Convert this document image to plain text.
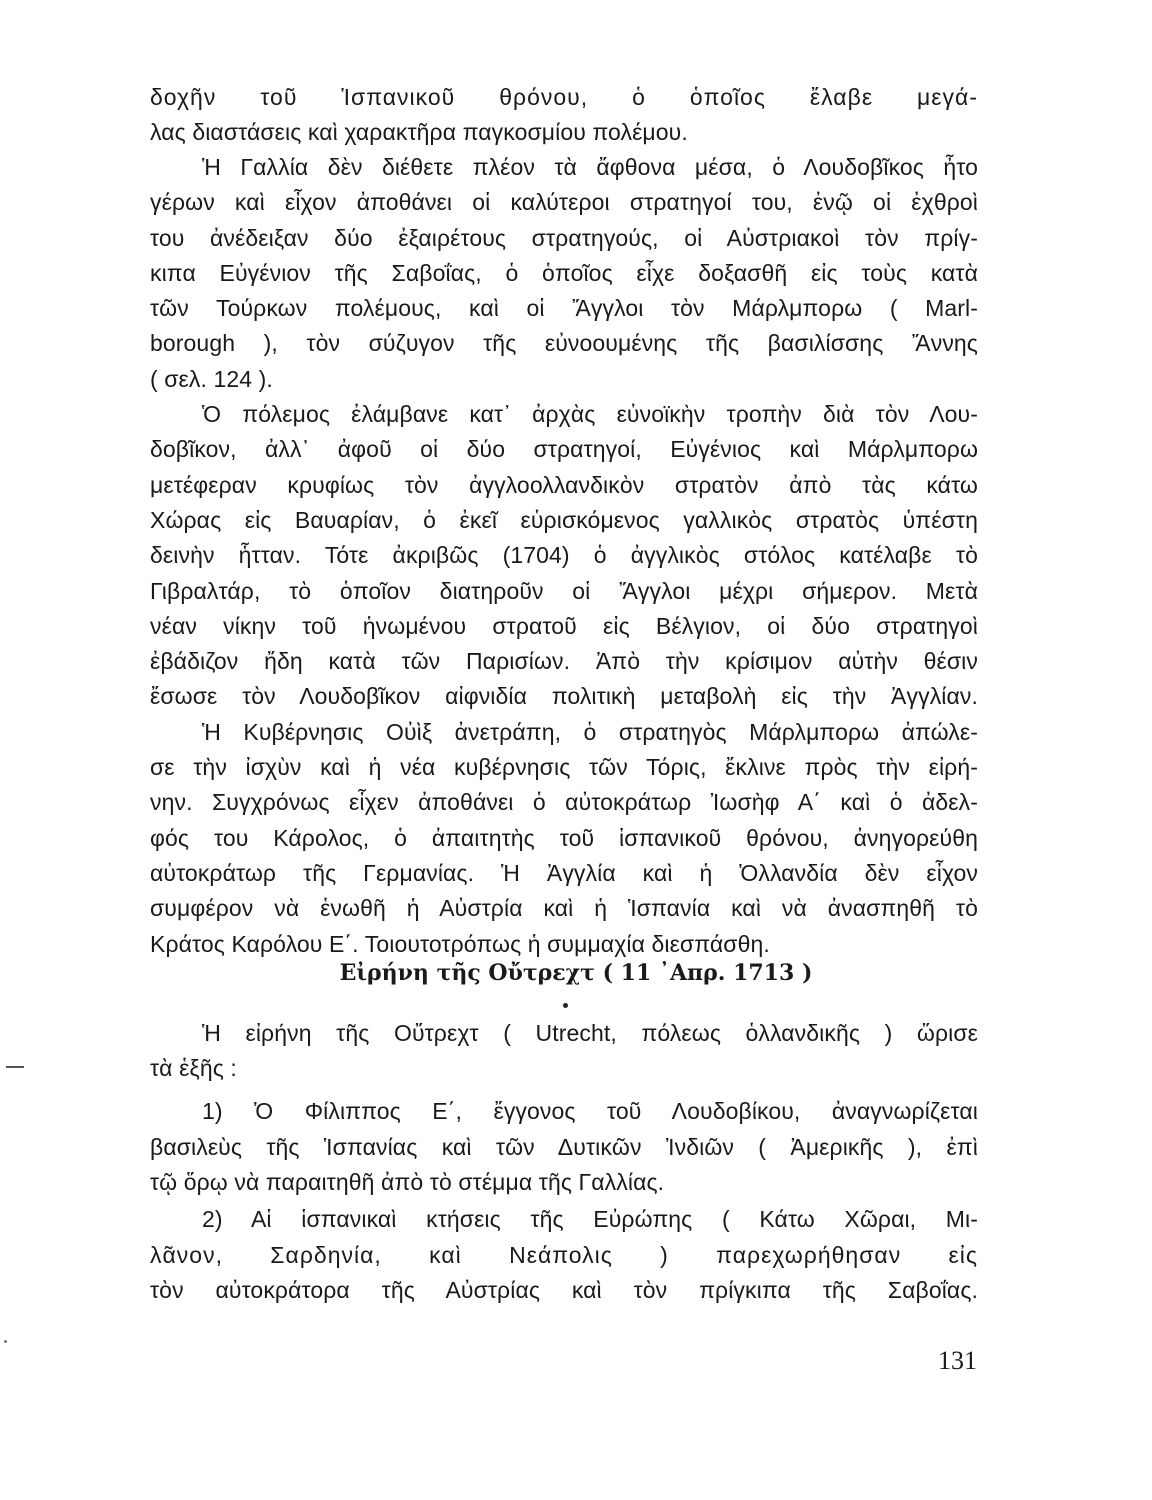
δοχῆν τοῦ Ἱσπανικοῦ θρόνου, ὁ ὁποῖος ἔλαβε μεγά-
λας διαστάσεις καὶ χαρακτῆρα παγκοσμίου πολέμου.
Ἡ Γαλλία δὲν διέθετε πλέον τὰ ἄφθονα μέσα, ὁ Λουδοβῖκος ἦτο
γέρων καὶ εἶχον ἀποθάνει οἱ καλύτεροι στρατηγοί του, ἐνῷ οἱ ἐχθροὶ
του ἀνέδειξαν δύο ἐξαιρέτους στρατηγούς, οἱ Αὐστριακοὶ τὸν πρίγ-
κιπα Εὐγένιον τῆς Σαβοΐας, ὁ ὁποῖος εἶχε δοξασθῆ εἰς τοὺς κατὰ
τῶν Τούρκων πολέμους, καὶ οἱ Ἄγγλοι τὸν Μάρλμπορω ( Marl-
borough ), τὸν σύζυγον τῆς εὐνοουμένης τῆς βασιλίσσης Ἄννης
( σελ. 124 ).
Ὁ πόλεμος ἐλάμβανε κατ᾿ ἀρχὰς εὐνοϊκὴν τροπὴν διὰ τὸν Λου-
δοβῖκον, ἀλλ᾿ ἀφοῦ οἱ δύο στρατηγοί, Εὐγένιος καὶ Μάρλμπορω
μετέφεραν κρυφίως τὸν ἀγγλοολλανδικὸν στρατὸν ἀπὸ τὰς κάτω
Χώρας εἰς Βαυαρίαν, ὁ ἐκεῖ εὑρισκόμενος γαλλικὸς στρατὸς ὑπέστη
δεινὴν ἧτταν. Τότε ἀκριβῶς (1704) ὁ ἀγγλικὸς στόλος κατέλαβε τὸ
Γιβραλτάρ, τὸ ὁποῖον διατηροῦν οἱ Ἄγγλοι μέχρι σήμερον. Μετὰ
νέαν νίκην τοῦ ἡνωμένου στρατοῦ εἰς Βέλγιον, οἱ δύο στρατηγοὶ
ἐβάδιζον ἤδη κατὰ τῶν Παρισίων. Ἀπὸ τὴν κρίσιμον αὐτὴν θέσιν
ἔσωσε τὸν Λουδοβῖκον αἰφνιδία πολιτικὴ μεταβολὴ εἰς τὴν Ἀγγλίαν.
Ἡ Κυβέρνησις Οὐὶξ ἀνετράπη, ὁ στρατηγὸς Μάρλμπορω ἀπώλε-
σε τὴν ἰσχὺν καὶ ἡ νέα κυβέρνησις τῶν Τόρις, ἔκλινε πρὸς τὴν εἰρή-
νην. Συγχρόνως εἶχεν ἀποθάνει ὁ αὐτοκράτωρ Ἰωσὴφ Α΄ καὶ ὁ ἀδελ-
φός του Κάρολος, ὁ ἀπαιτητὴς τοῦ ἱσπανικοῦ θρόνου, ἀνηγορεύθη
αὐτοκράτωρ τῆς Γερμανίας. Ἡ Ἀγγλία καὶ ἡ Ὁλλανδία δὲν εἶχον
συμφέρον νὰ ἑνωθῆ ἡ Αὐστρία καὶ ἡ Ἱσπανία καὶ νὰ ἀνασπηθῆ τὸ
Κράτος Καρόλου Ε΄. Τοιουτοτρόπως ἡ συμμαχία διεσπάσθη.
Εἰρήνη τῆς Οὔτρεχτ ( 11 ᾿Απρ. 1713 )
Ἡ εἰρήνη τῆς Οὔτρεχτ ( Utrecht, πόλεως ὁλλανδικῆς ) ὥρισε
τὰ ἑξῆς :
1) Ὁ Φίλιππος Ε΄, ἔγγονος τοῦ Λουδοβίκου, ἀναγνωρίζεται
βασιλεὺς τῆς Ἱσπανίας καὶ τῶν Δυτικῶν Ἰνδιῶν ( Ἀμερικῆς ), ἐπὶ
τῷ ὅρῳ νὰ παραιτηθῆ ἀπὸ τὸ στέμμα τῆς Γαλλίας.
2) Αἱ ἱσπανικαὶ κτήσεις τῆς Εὐρώπης ( Κάτω Χῶραι, Μι-
λᾶνον, Σαρδηνία, καὶ Νεάπολις ) παρεχωρήθησαν εἰς
τὸν αὐτοκράτορα τῆς Αὐστρίας καὶ τὸν πρίγκιπα τῆς Σαβοΐας.
131
